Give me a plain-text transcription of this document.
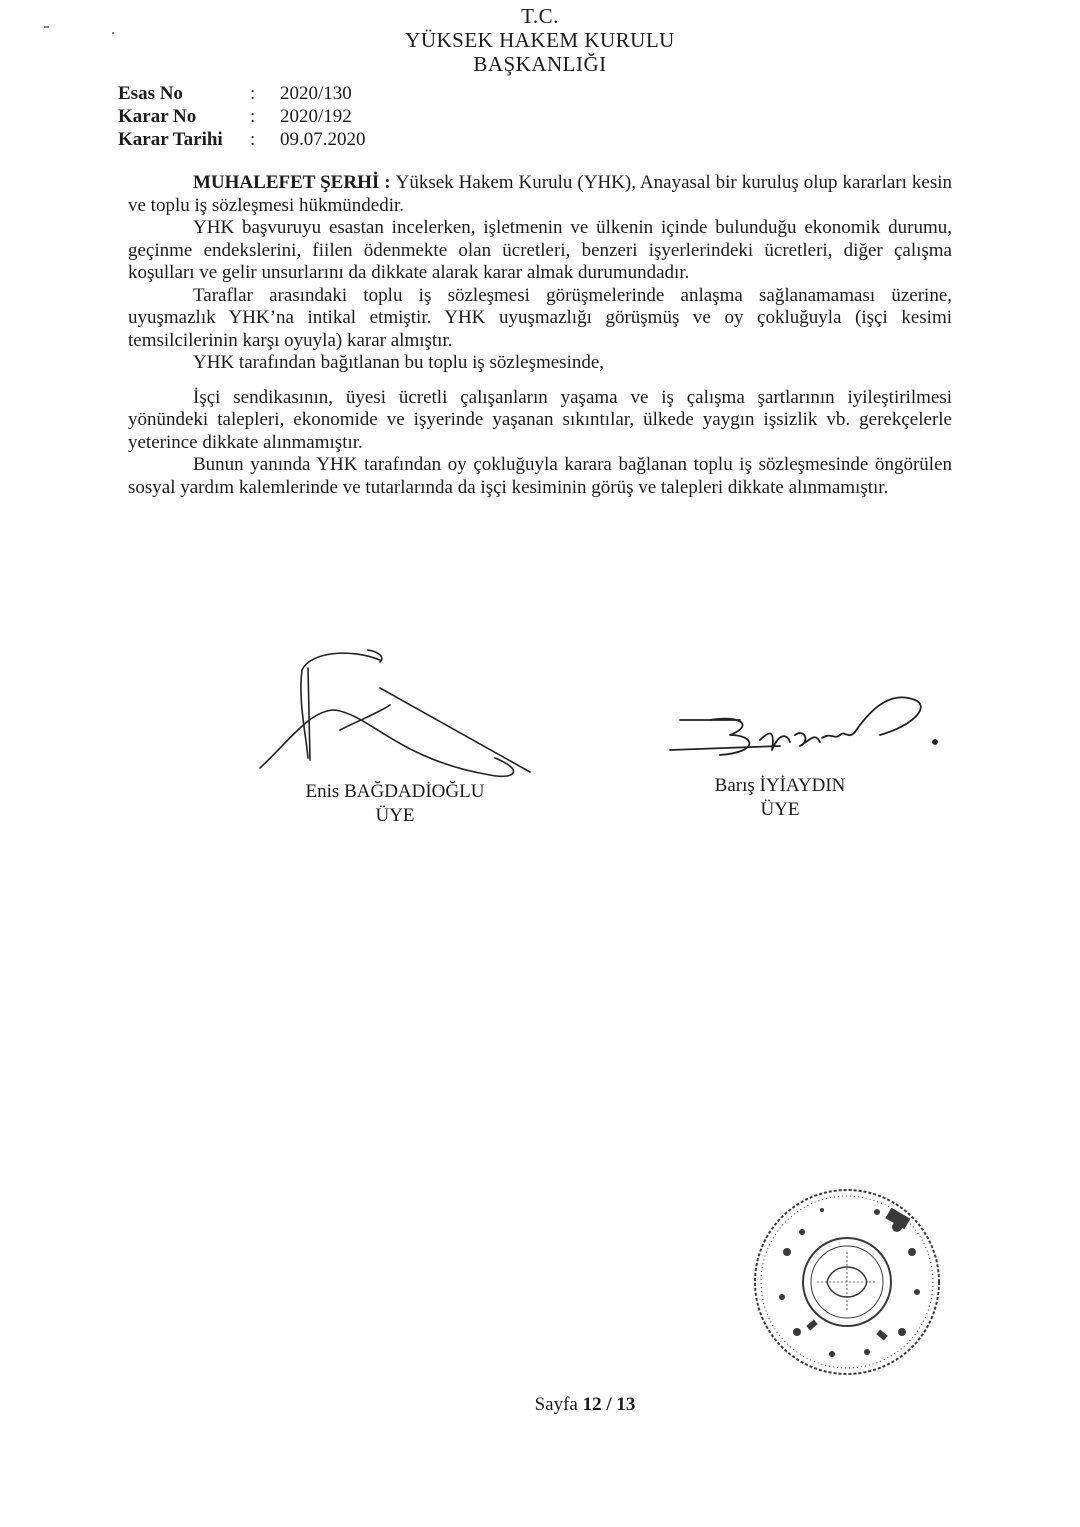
T.C.
YÜKSEK HAKEM KURULU
BAŞKANLIĞI
Esas No	:	2020/130
Karar No	:	2020/192
Karar Tarihi	:	09.07.2020

MUHALEFET ŞERHİ : Yüksek Hakem Kurulu (YHK), Anayasal bir kuruluş olup kararları kesin ve toplu iş sözleşmesi hükmündedir.

YHK başvuruyu esastan incelerken, işletmenin ve ülkenin içinde bulunduğu ekonomik durumu, geçinme endekslerini, fiilen ödenmekte olan ücretleri, benzeri işyerlerindeki ücretleri, diğer çalışma koşulları ve gelir unsurlarını da dikkate alarak karar almak durumundadır.

Taraflar arasındaki toplu iş sözleşmesi görüşmelerinde anlaşma sağlanamaması üzerine, uyuşmazlık YHK’na intikal etmiştir. YHK uyuşmazlığı görüşmüş ve oy çokluğuyla (işçi kesimi temsilcilerinin karşı oyuyla) karar almıştır.

YHK tarafından bağıtlanan bu toplu iş sözleşmesinde,

İşçi sendikasının, üyesi ücretli çalışanların yaşama ve iş çalışma şartlarının iyileştirilmesi yönündeki talepleri, ekonomide ve işyerinde yaşanan sıkıntılar, ülkede yaygın işsizlik vb. gerekçelerle yeterince dikkate alınmamıştır.

Bunun yanında YHK tarafından oy çokluğuyla karara bağlanan toplu iş sözleşmesinde öngörülen sosyal yardım kalemlerinde ve tutarlarında da işçi kesiminin görüş ve talepleri dikkate alınmamıştır.

Enis BAĞDADİOĞLU
ÜYE
Barış İYİAYDIN
ÜYE
Sayfa 12 / 13
